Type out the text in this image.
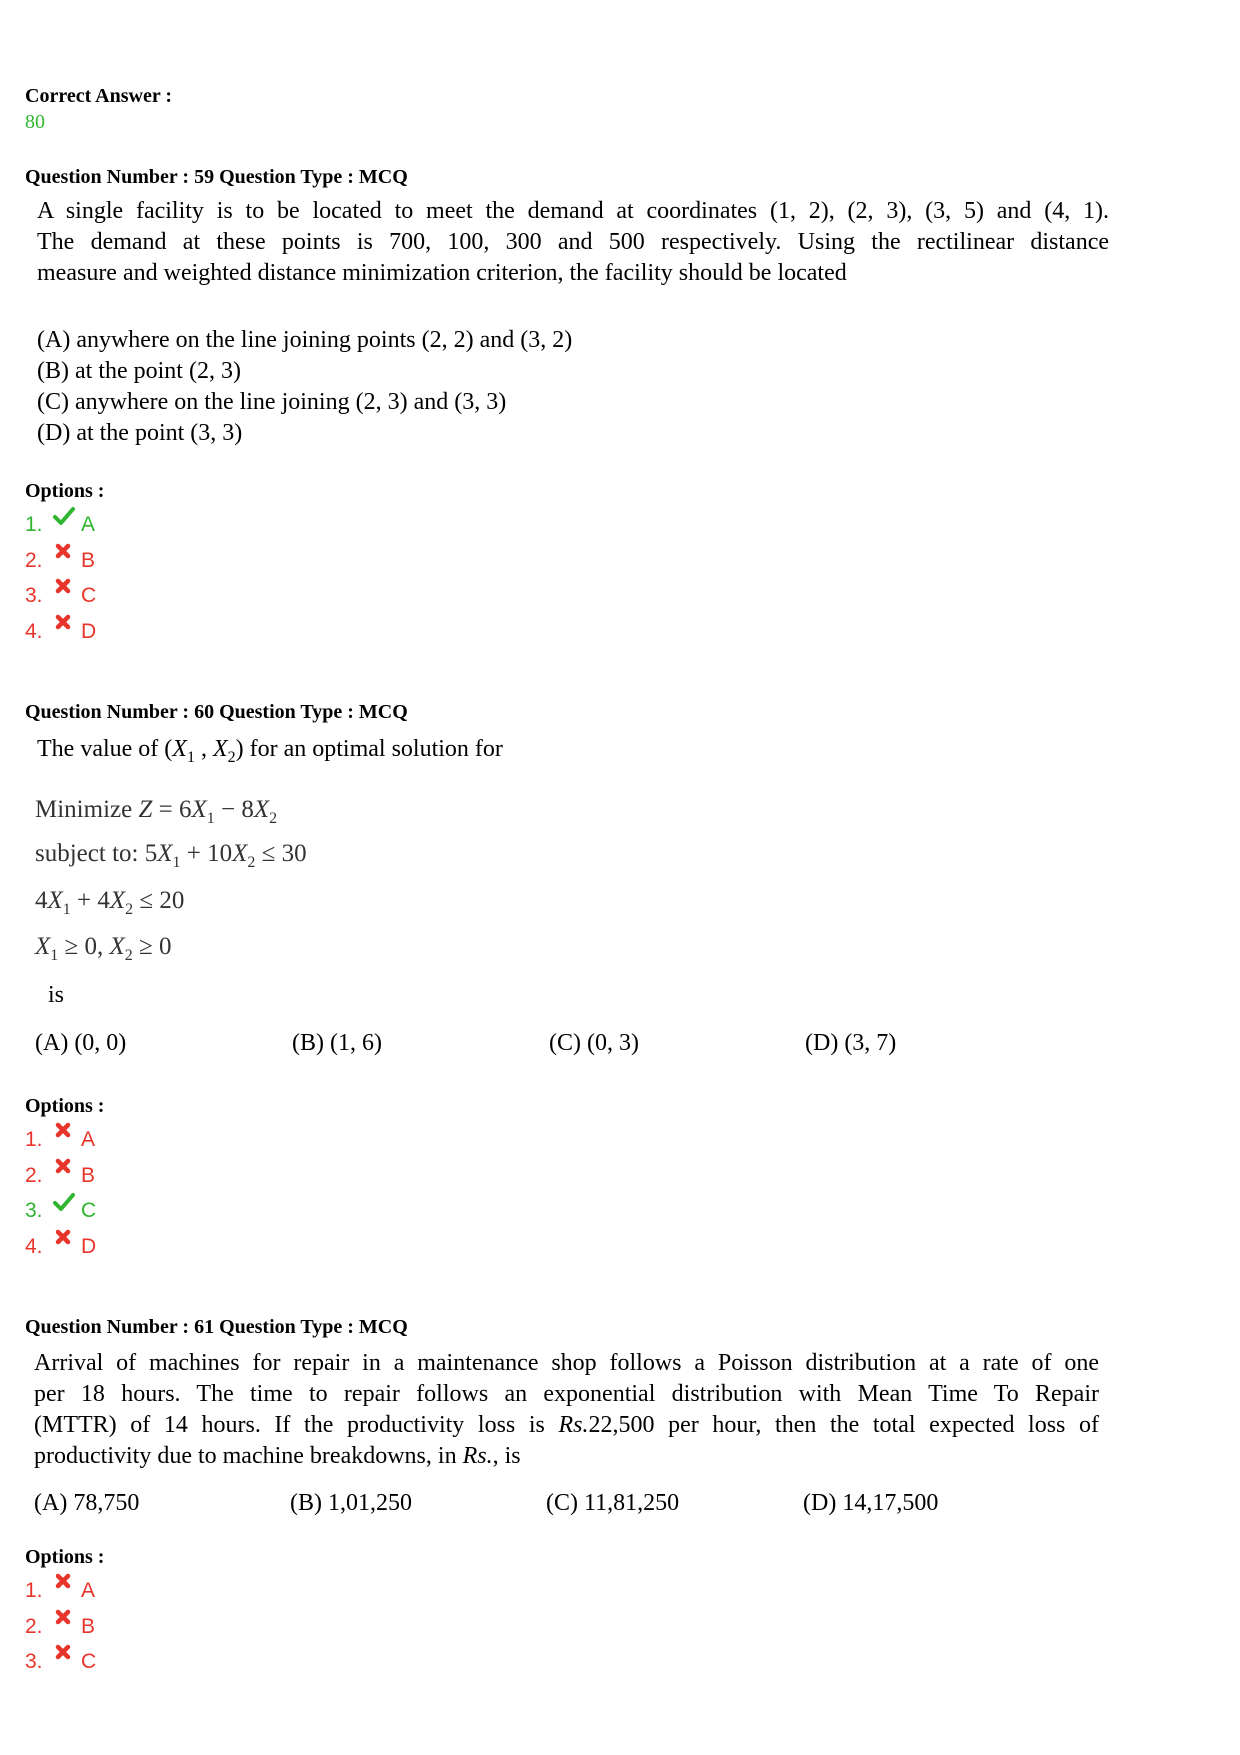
Correct Answer :
80
Question Number : 59 Question Type : MCQ

A single facility is to be located to meet the demand at coordinates (1, 2), (2, 3), (3, 5) and (4, 1).

The demand at these points is 700, 100, 300 and 500 respectively. Using the rectilinear distance

measure and weighted distance minimization criterion, the facility should be located

(A) anywhere on the line joining points (2, 2) and (3, 2)
(B) at the point (2, 3)
(C) anywhere on the line joining (2, 3) and (3, 3)
(D) at the point (3, 3)
Options :
1. A
2. B
3. C
4. D
Question Number : 60 Question Type : MCQ
The value of ($X_1$ , $X_2$) for an optimal solution for
Minimize $Z = 6X_1 - 8X_2$
subject to: $5X_1 + 10X_2 \le 30$
$4X_1 + 4X_2 \le 20$
$X_1 \ge 0$, $X_2 \ge 0$
is
(A) (0, 0)	(B) (1, 6)	(C) (0, 3)	(D) (3, 7)
Options :
1. A
2. B
3. C
4. D
Question Number : 61 Question Type : MCQ

Arrival of machines for repair in a maintenance shop follows a Poisson distribution at a rate of one

per 18 hours. The time to repair follows an exponential distribution with Mean Time To Repair

(MTTR) of 14 hours. If the productivity loss is Rs.22,500 per hour, then the total expected loss of

productivity due to machine breakdowns, in Rs., is

(A) 78,750	(B) 1,01,250	(C) 11,81,250	(D) 14,17,500
Options :
1. A
2. B
3. C
